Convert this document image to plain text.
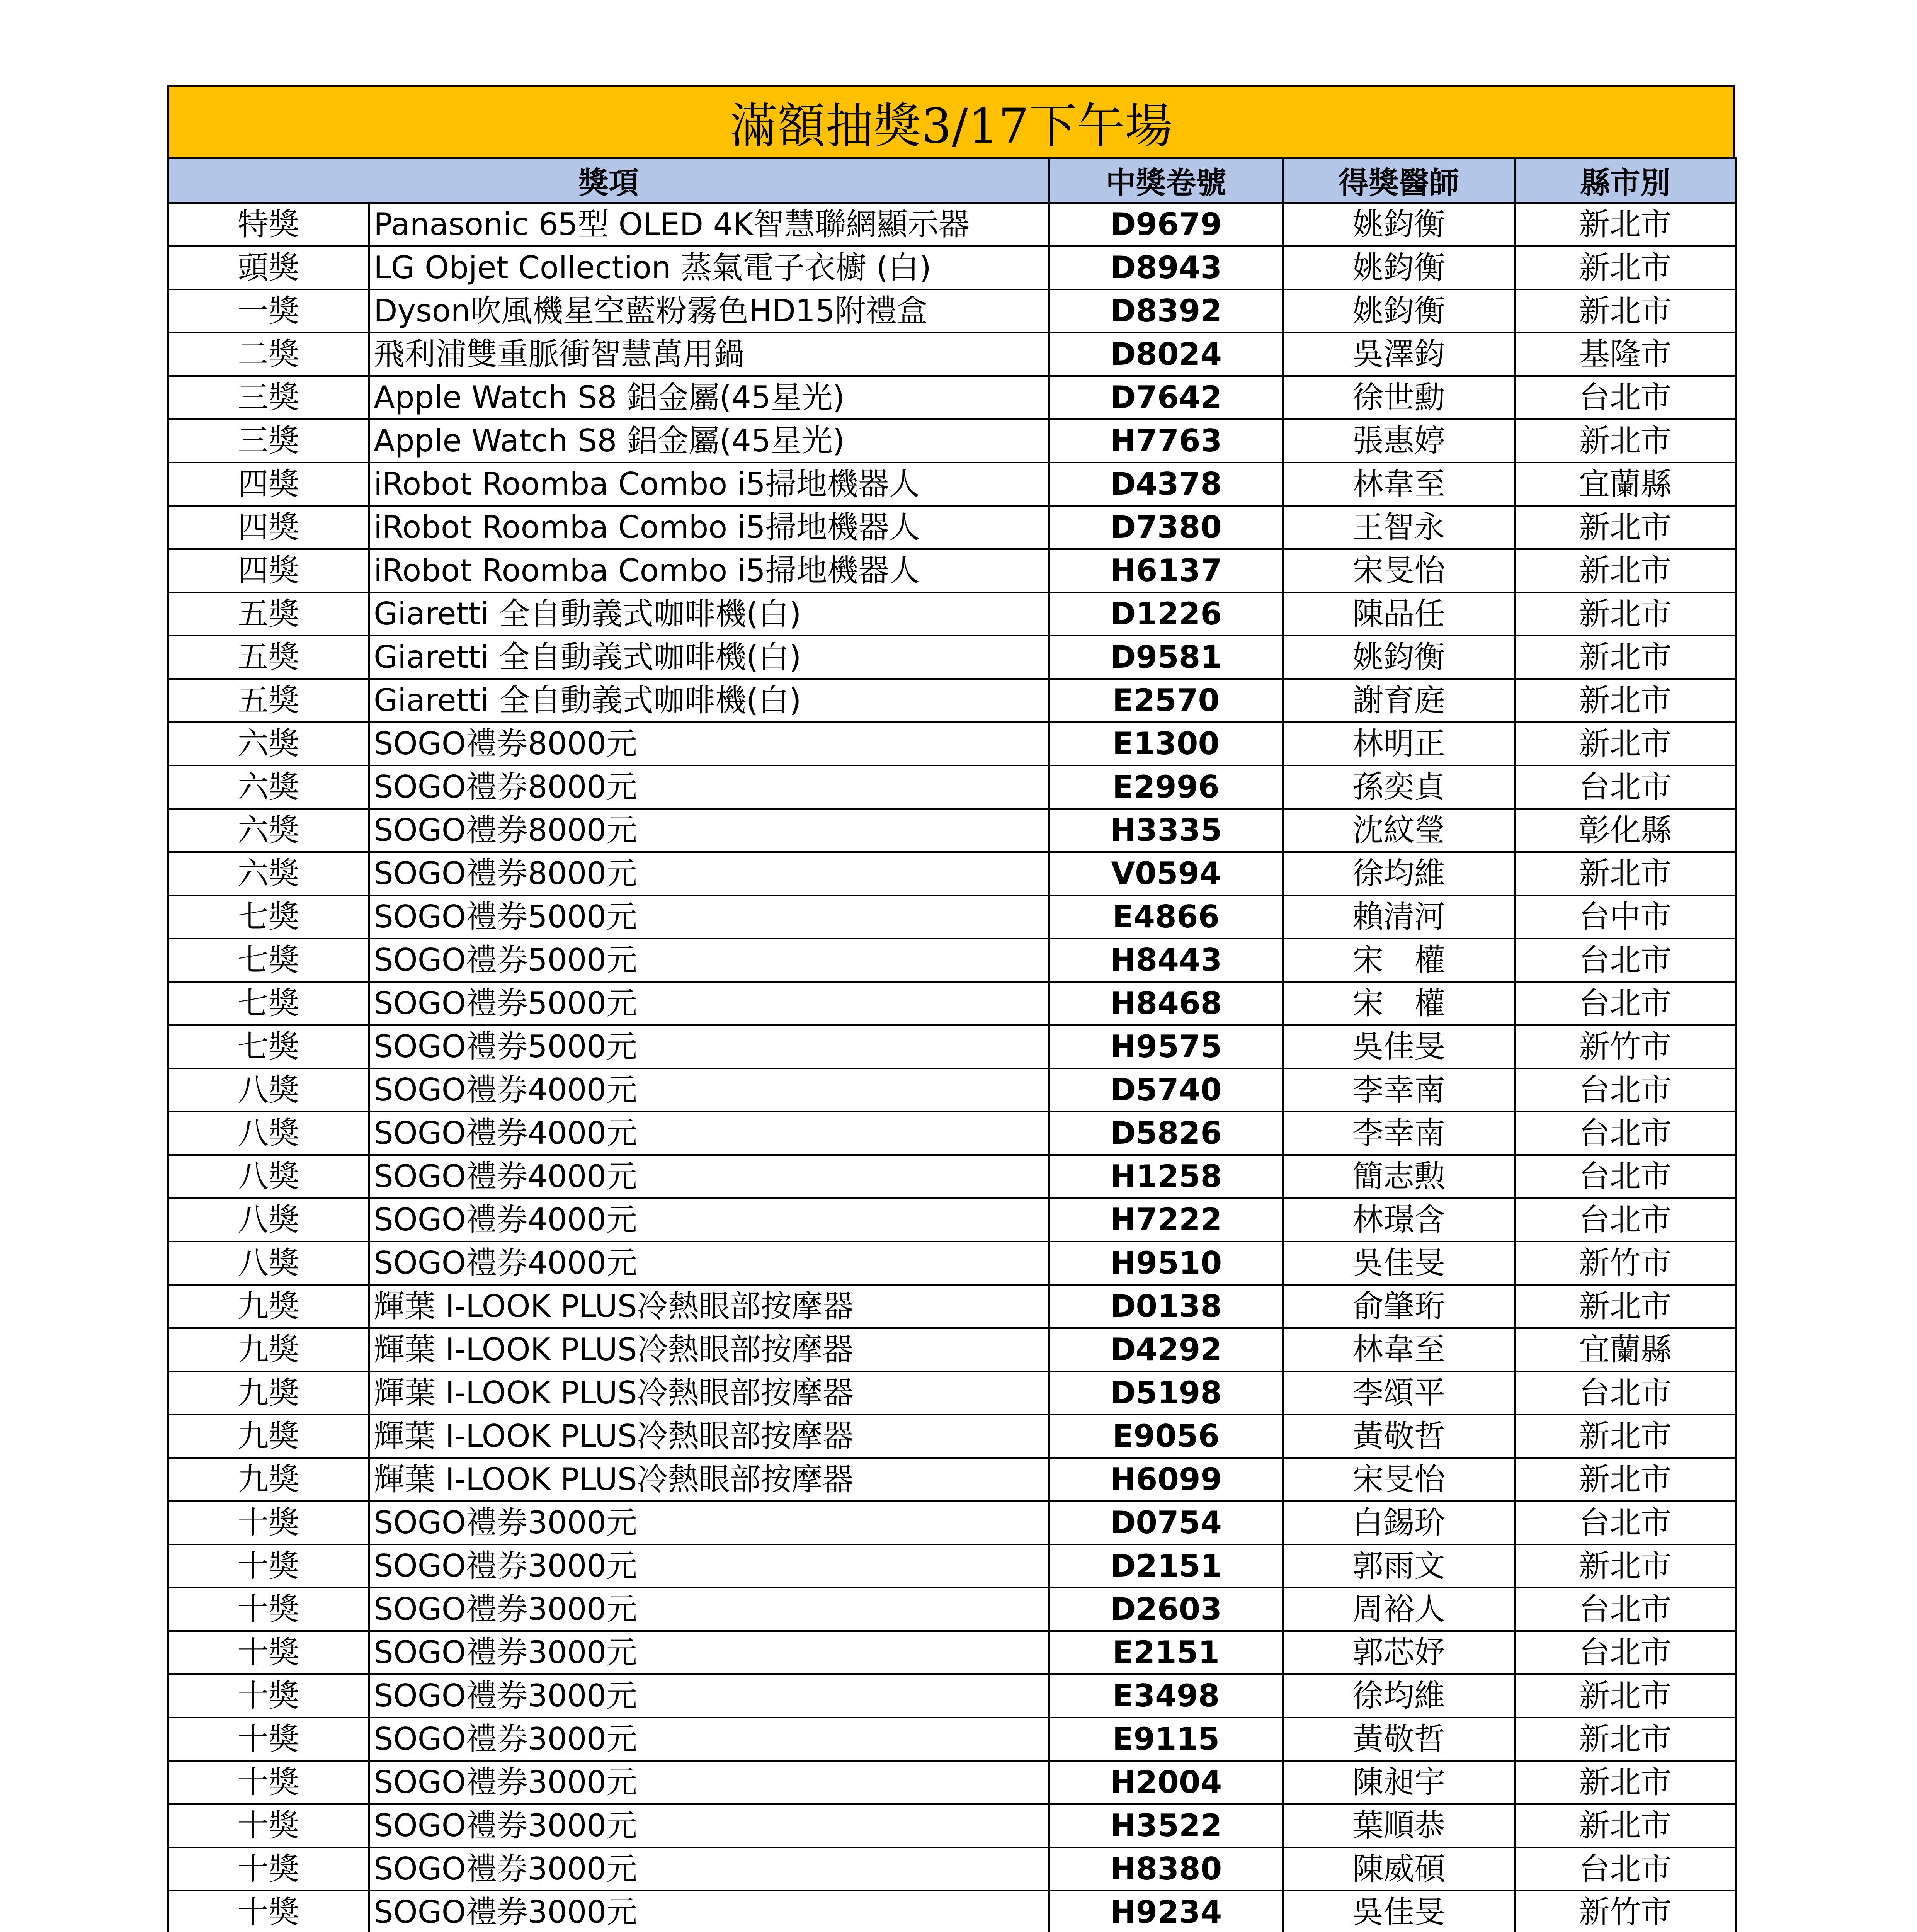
滿額抽獎3/17下午場
獎項		中獎卷號	得獎醫師	縣市別
特獎	Panasonic 65型 OLED 4K智慧聯網顯示器	D9679	姚鈞衡	新北市
頭獎	LG Objet Collection 蒸氣電子衣櫥 (白)	D8943	姚鈞衡	新北市
一獎	Dyson吹風機星空藍粉霧色HD15附禮盒	D8392	姚鈞衡	新北市
二獎	飛利浦雙重脈衝智慧萬用鍋	D8024	吳澤鈞	基隆市
三獎	Apple Watch S8 鋁金屬(45星光)	D7642	徐世勳	台北市
三獎	Apple Watch S8 鋁金屬(45星光)	H7763	張惠婷	新北市
四獎	iRobot Roomba Combo i5掃地機器人	D4378	林韋至	宜蘭縣
四獎	iRobot Roomba Combo i5掃地機器人	D7380	王智永	新北市
四獎	iRobot Roomba Combo i5掃地機器人	H6137	宋旻怡	新北市
五獎	Giaretti 全自動義式咖啡機(白)	D1226	陳品任	新北市
五獎	Giaretti 全自動義式咖啡機(白)	D9581	姚鈞衡	新北市
五獎	Giaretti 全自動義式咖啡機(白)	E2570	謝育庭	新北市
六獎	SOGO禮券8000元	E1300	林明正	新北市
六獎	SOGO禮券8000元	E2996	孫奕貞	台北市
六獎	SOGO禮券8000元	H3335	沈紋瑩	彰化縣
六獎	SOGO禮券8000元	V0594	徐均維	新北市
七獎	SOGO禮券5000元	E4866	賴清河	台中市
七獎	SOGO禮券5000元	H8443	宋　權	台北市
七獎	SOGO禮券5000元	H8468	宋　權	台北市
七獎	SOGO禮券5000元	H9575	吳佳旻	新竹市
八獎	SOGO禮券4000元	D5740	李幸南	台北市
八獎	SOGO禮券4000元	D5826	李幸南	台北市
八獎	SOGO禮券4000元	H1258	簡志勲	台北市
八獎	SOGO禮券4000元	H7222	林璟含	台北市
八獎	SOGO禮券4000元	H9510	吳佳旻	新竹市
九獎	輝葉 I-LOOK PLUS冷熱眼部按摩器	D0138	俞肇珩	新北市
九獎	輝葉 I-LOOK PLUS冷熱眼部按摩器	D4292	林韋至	宜蘭縣
九獎	輝葉 I-LOOK PLUS冷熱眼部按摩器	D5198	李頌平	台北市
九獎	輝葉 I-LOOK PLUS冷熱眼部按摩器	E9056	黃敬哲	新北市
九獎	輝葉 I-LOOK PLUS冷熱眼部按摩器	H6099	宋旻怡	新北市
十獎	SOGO禮券3000元	D0754	白錫玠	台北市
十獎	SOGO禮券3000元	D2151	郭雨文	新北市
十獎	SOGO禮券3000元	D2603	周裕人	台北市
十獎	SOGO禮券3000元	E2151	郭芯妤	台北市
十獎	SOGO禮券3000元	E3498	徐均維	新北市
十獎	SOGO禮券3000元	E9115	黃敬哲	新北市
十獎	SOGO禮券3000元	H2004	陳昶宇	新北市
十獎	SOGO禮券3000元	H3522	葉順恭	新北市
十獎	SOGO禮券3000元	H8380	陳威碩	台北市
十獎	SOGO禮券3000元	H9234	吳佳旻	新竹市
